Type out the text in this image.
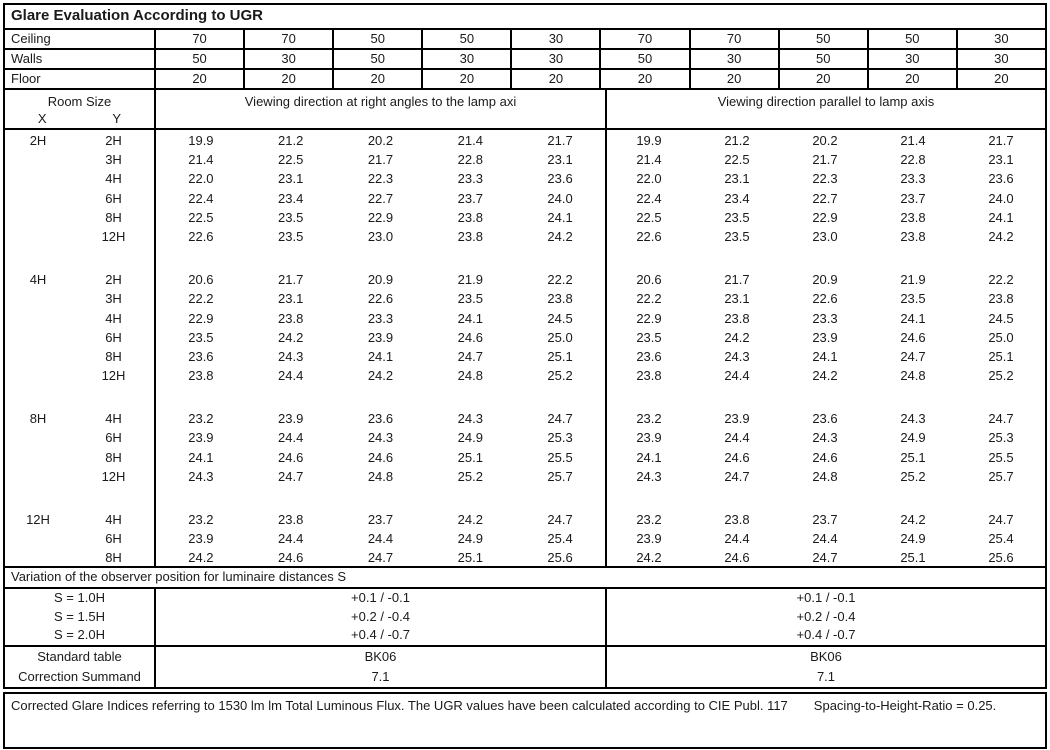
Glare Evaluation According to UGR
Ceiling	70	70	50	50	30	70	70	50	50	30
Walls	50	30	50	30	30	50	30	50	30	30
Floor	20	20	20	20	20	20	20	20	20	20
Room Size
X	Y
Viewing direction at right angles to the lamp axi	Viewing direction parallel to lamp axis
2H	2H	19.9	21.2	20.2	21.4	21.7	19.9	21.2	20.2	21.4	21.7
3H	21.4	22.5	21.7	22.8	23.1	21.4	22.5	21.7	22.8	23.1
4H	22.0	23.1	22.3	23.3	23.6	22.0	23.1	22.3	23.3	23.6
6H	22.4	23.4	22.7	23.7	24.0	22.4	23.4	22.7	23.7	24.0
8H	22.5	23.5	22.9	23.8	24.1	22.5	23.5	22.9	23.8	24.1
12H	22.6	23.5	23.0	23.8	24.2	22.6	23.5	23.0	23.8	24.2
4H	2H	20.6	21.7	20.9	21.9	22.2	20.6	21.7	20.9	21.9	22.2
3H	22.2	23.1	22.6	23.5	23.8	22.2	23.1	22.6	23.5	23.8
4H	22.9	23.8	23.3	24.1	24.5	22.9	23.8	23.3	24.1	24.5
6H	23.5	24.2	23.9	24.6	25.0	23.5	24.2	23.9	24.6	25.0
8H	23.6	24.3	24.1	24.7	25.1	23.6	24.3	24.1	24.7	25.1
12H	23.8	24.4	24.2	24.8	25.2	23.8	24.4	24.2	24.8	25.2
8H	4H	23.2	23.9	23.6	24.3	24.7	23.2	23.9	23.6	24.3	24.7
6H	23.9	24.4	24.3	24.9	25.3	23.9	24.4	24.3	24.9	25.3
8H	24.1	24.6	24.6	25.1	25.5	24.1	24.6	24.6	25.1	25.5
12H	24.3	24.7	24.8	25.2	25.7	24.3	24.7	24.8	25.2	25.7
12H	4H	23.2	23.8	23.7	24.2	24.7	23.2	23.8	23.7	24.2	24.7
6H	23.9	24.4	24.4	24.9	25.4	23.9	24.4	24.4	24.9	25.4
8H	24.2	24.6	24.7	25.1	25.6	24.2	24.6	24.7	25.1	25.6
Variation of the observer position for luminaire distances S
S = 1.0H	+0.1 / -0.1	+0.1 / -0.1
S = 1.5H	+0.2 / -0.4	+0.2 / -0.4
S = 2.0H	+0.4 / -0.7	+0.4 / -0.7
Standard table	BK06	BK06
Correction Summand	7.1	7.1
Corrected Glare Indices referring to 1530 lm lm Total Luminous Flux. The UGR values have been calculated according to CIE Publ. 117 Spacing-to-Height-Ratio = 0.25.
